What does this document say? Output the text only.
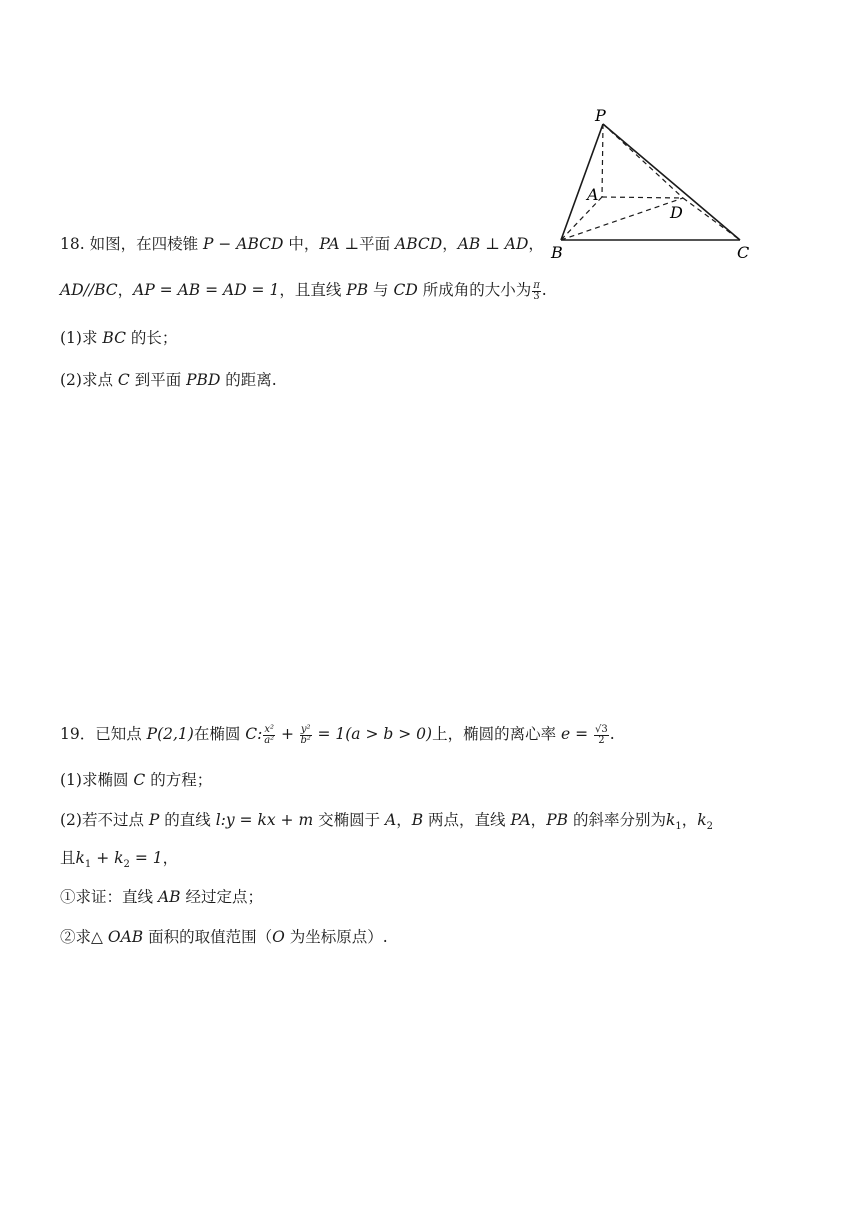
P
A
D
B	C
18. 如图，在四棱锥 P − ABCD 中，PA ⊥平面 ABCD，AB ⊥ AD，
AD//BC，AP = AB = AD = 1，且直线 PB 与 CD 所成角的大小为 $\frac{\pi}{3}$ .
(1)求 BC 的长；
(2)求点 C 到平面 PBD 的距离.
19．已知点 P(2,1)在椭圆 C: $\frac{\text{x²}}{\text{a²}} + \frac{\text{y²}}{\text{b²}} = 1(a > b > 0)$上，椭圆的离心率 $e = \frac{√3}{2}$ .
(1)求椭圆 C 的方程；
(2)若不过点 P 的直线 l:y = kx + m 交椭圆于 A，B 两点，直线 PA，PB 的斜率分别为$k_1$，$k_2$
且$k_1 + k_2 = 1$，
①求证：直线 AB 经过定点；
②求△ OAB 面积的取值范围（O 为坐标原点）.
